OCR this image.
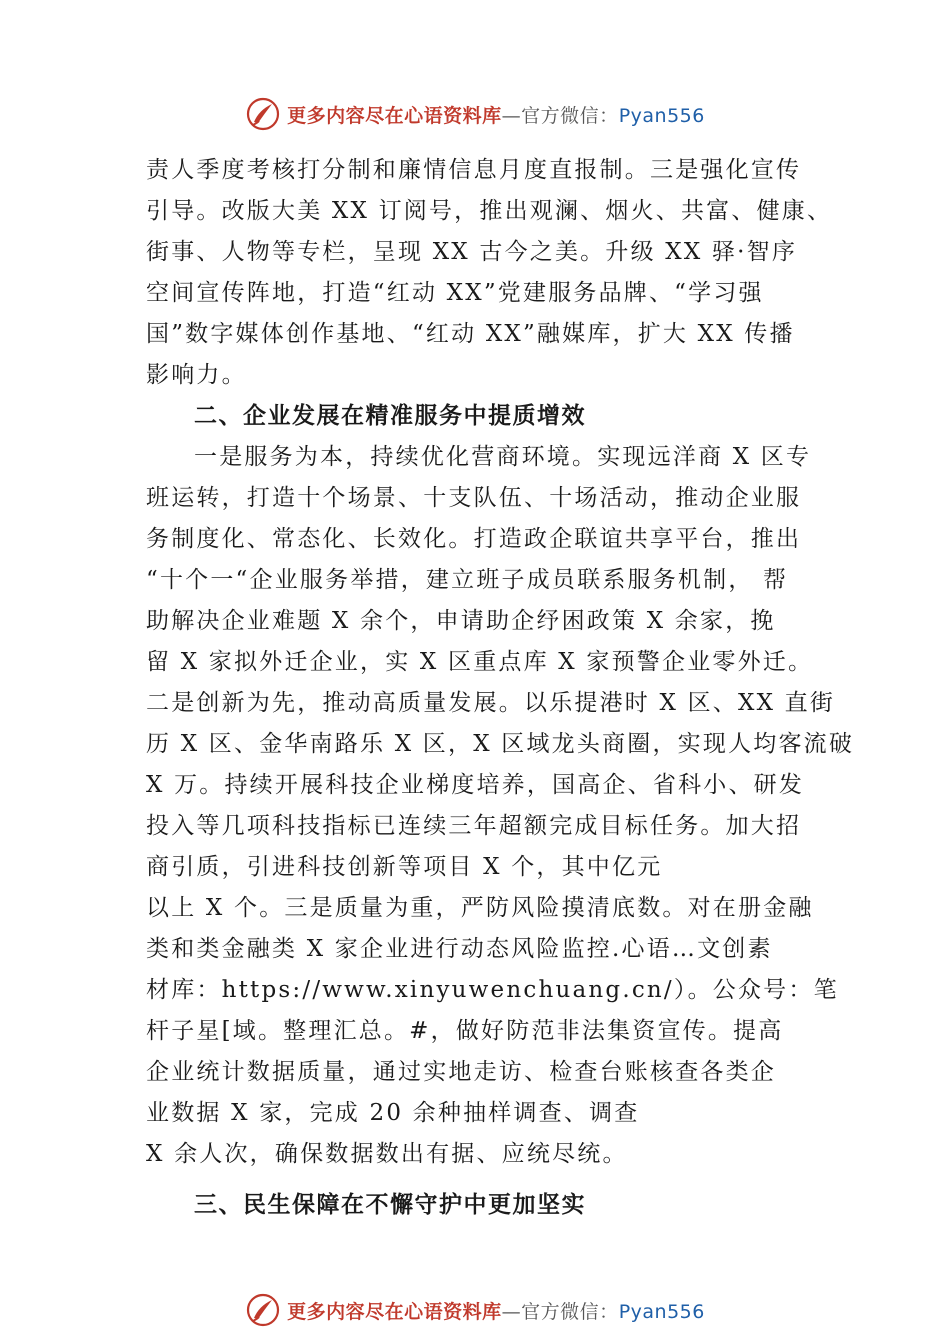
更多内容尽在心语资料库—官方微信：Pyan556
责人季度考核打分制和廉情信息月度直报制。三是强化宣传
引导。改版大美 XX 订阅号，推出观澜、烟火、共富、健康、
街事、人物等专栏，呈现 XX 古今之美。升级 XX 驿·智序
空间宣传阵地，打造“红动 XX”党建服务品牌、“学习强
国”数字媒体创作基地、“红动 XX”融媒库，扩大 XX 传播
影响力。
二、企业发展在精准服务中提质增效
一是服务为本，持续优化营商环境。实现远洋商 X 区专
班运转，打造十个场景、十支队伍、十场活动，推动企业服
务制度化、常态化、长效化。打造政企联谊共享平台，推出
“十个一“企业服务举措，建立班子成员联系服务机制， 帮
助解决企业难题 X 余个，申请助企纾困政策 X 余家，挽
留 X 家拟外迁企业，实 X 区重点库 X 家预警企业零外迁。
二是创新为先，推动高质量发展。以乐提港时 X 区、XX 直街
历 X 区、金华南路乐 X 区，X 区域龙头商圈，实现人均客流破
X 万。持续开展科技企业梯度培养，国高企、省科小、研发
投入等几项科技指标已连续三年超额完成目标任务。加大招
商引质，引进科技创新等项目 X 个，其中亿元
以上 X 个。三是质量为重，严防风险摸清底数。对在册金融
类和类金融类 X 家企业进行动态风险监控.心语…文创素
材库：https://www.xinyuwenchuang.cn/）。公众号：笔
杆子星[域。整理汇总。#，做好防范非法集资宣传。提高
企业统计数据质量，通过实地走访、检查台账核查各类企
业数据 X 家，完成 20 余种抽样调查、调查
X 余人次，确保数据数出有据、应统尽统。
三、民生保障在不懈守护中更加坚实
更多内容尽在心语资料库—官方微信：Pyan556
